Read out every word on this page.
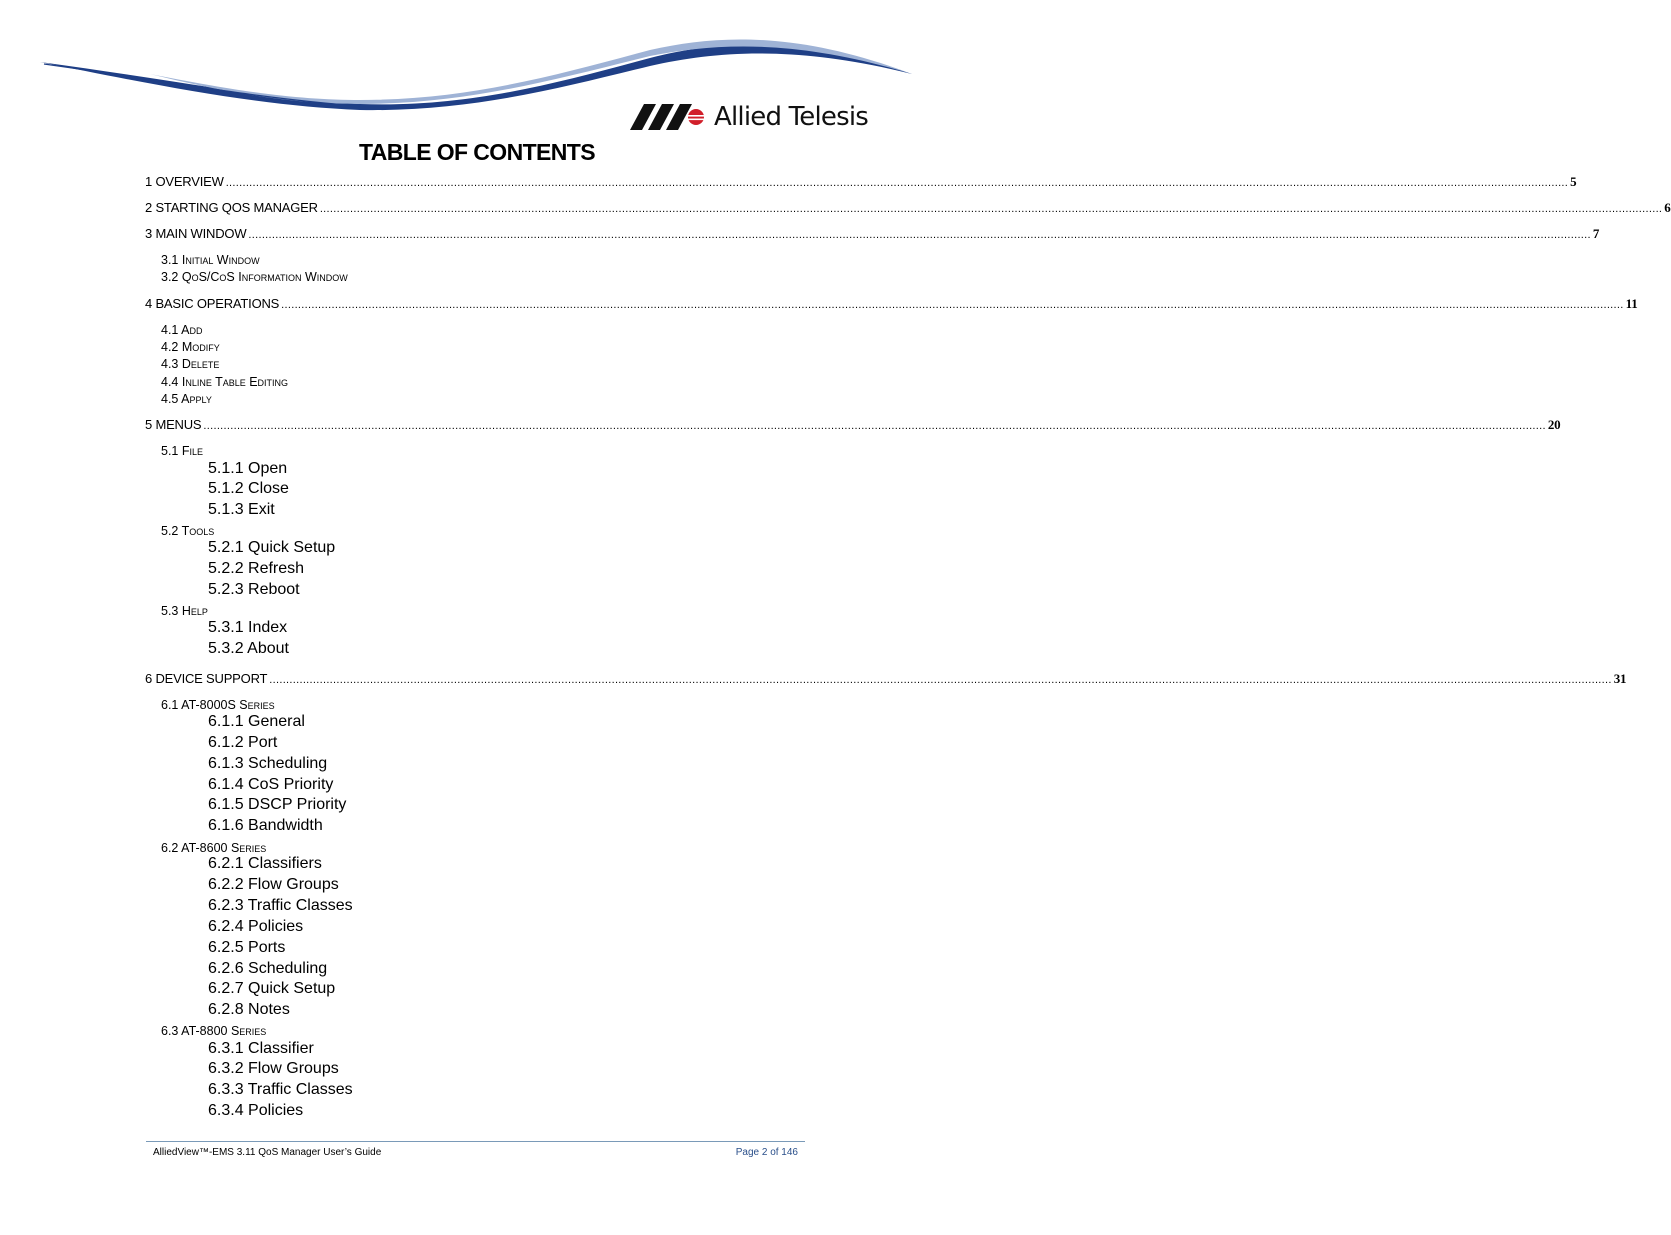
Allied Telesis
TABLE OF CONTENTS
1 OVERVIEW ................................................................................................................................................................................................................................................................................................................................................................................................................ 5
2 STARTING QOS MANAGER ................................................................................................................................................................................................................................................................................................................................................................................................................ 6
3 MAIN WINDOW ................................................................................................................................................................................................................................................................................................................................................................................................................ 7
3.1 Initial Window
3.2 QoS/CoS Information Window
4 BASIC OPERATIONS ................................................................................................................................................................................................................................................................................................................................................................................................................ 11
4.1 Add
4.2 Modify
4.3 Delete
4.4 Inline Table Editing
4.5 Apply
5 MENUS ................................................................................................................................................................................................................................................................................................................................................................................................................ 20
5.1 File
5.1.1 Open
5.1.2 Close
5.1.3 Exit
5.2 Tools
5.2.1 Quick Setup
5.2.2 Refresh
5.2.3 Reboot
5.3 Help
5.3.1 Index
5.3.2 About
6 DEVICE SUPPORT ................................................................................................................................................................................................................................................................................................................................................................................................................ 31
6.1 AT-8000S Series
6.1.1 General
6.1.2 Port
6.1.3 Scheduling
6.1.4 CoS Priority
6.1.5 DSCP Priority
6.1.6 Bandwidth
6.2 AT-8600 Series
6.2.1 Classifiers
6.2.2 Flow Groups
6.2.3 Traffic Classes
6.2.4 Policies
6.2.5 Ports
6.2.6 Scheduling
6.2.7 Quick Setup
6.2.8 Notes
6.3 AT-8800 Series
6.3.1 Classifier
6.3.2 Flow Groups
6.3.3 Traffic Classes
6.3.4 Policies
AlliedView™-EMS 3.11 QoS Manager User’s Guide	Page 2 of 146
